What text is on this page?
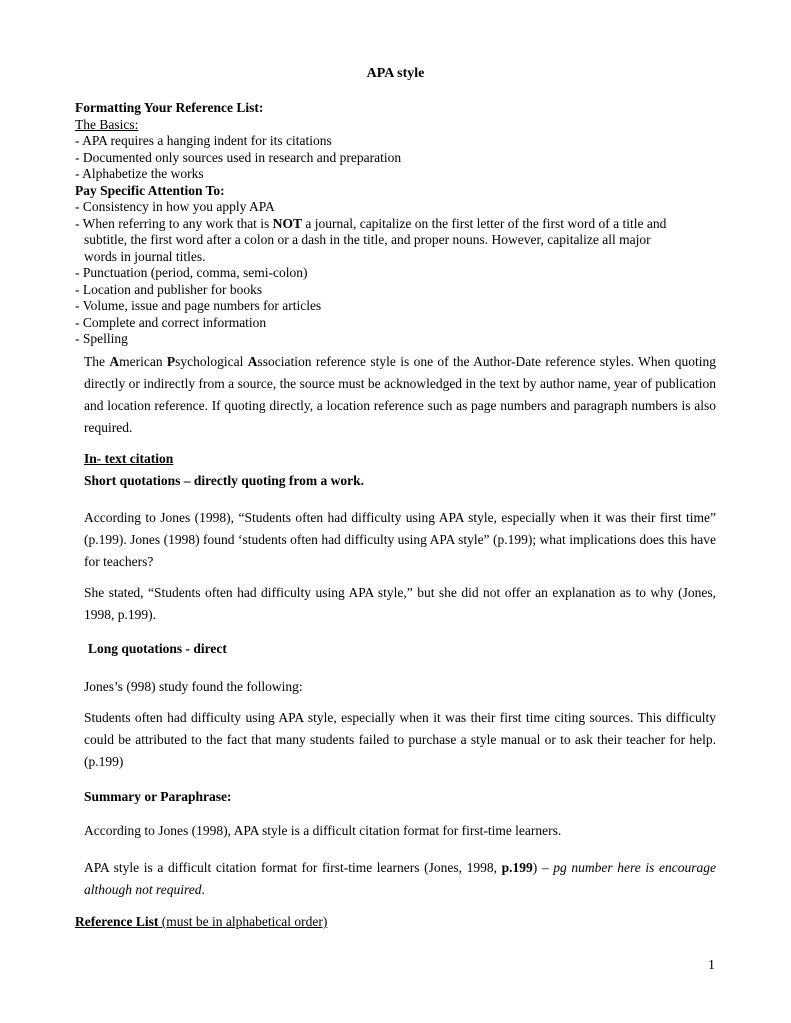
APA style
Formatting Your Reference List:
The Basics:
- APA requires a hanging indent for its citations
- Documented only sources used in research and preparation
- Alphabetize the works
Pay Specific Attention To:
- Consistency in how you apply APA
- When referring to any work that is NOT a journal, capitalize on the first letter of the first word of a title and
subtitle, the first word after a colon or a dash in the title, and proper nouns. However, capitalize all major
words in journal titles.
- Punctuation (period, comma, semi-colon)
- Location and publisher for books
- Volume, issue and page numbers for articles
- Complete and correct information
- Spelling

The American Psychological Association reference style is one of the Author-Date reference styles. When quoting directly or indirectly from a source, the source must be acknowledged in the text by author name, year of publication and location reference. If quoting directly, a location reference such as page numbers and paragraph numbers is also required.

In- text citation

Short quotations – directly quoting from a work.

According to Jones (1998), “Students often had difficulty using APA style, especially when it was their first time” (p.199). Jones (1998) found ‘students often had difficulty using APA style” (p.199); what implications does this have for teachers?

She stated, “Students often had difficulty using APA style,” but she did not offer an explanation as to why (Jones, 1998, p.199).

Long quotations - direct

Jones’s (998) study found the following:

Students often had difficulty using APA style, especially when it was their first time citing sources. This difficulty could be attributed to the fact that many students failed to purchase a style manual or to ask their teacher for help. (p.199)

Summary or Paraphrase:

According to Jones (1998), APA style is a difficult citation format for first-time learners.

APA style is a difficult citation format for first-time learners (Jones, 1998, p.199) – pg number here is encourage although not required.

Reference List (must be in alphabetical order)
1
